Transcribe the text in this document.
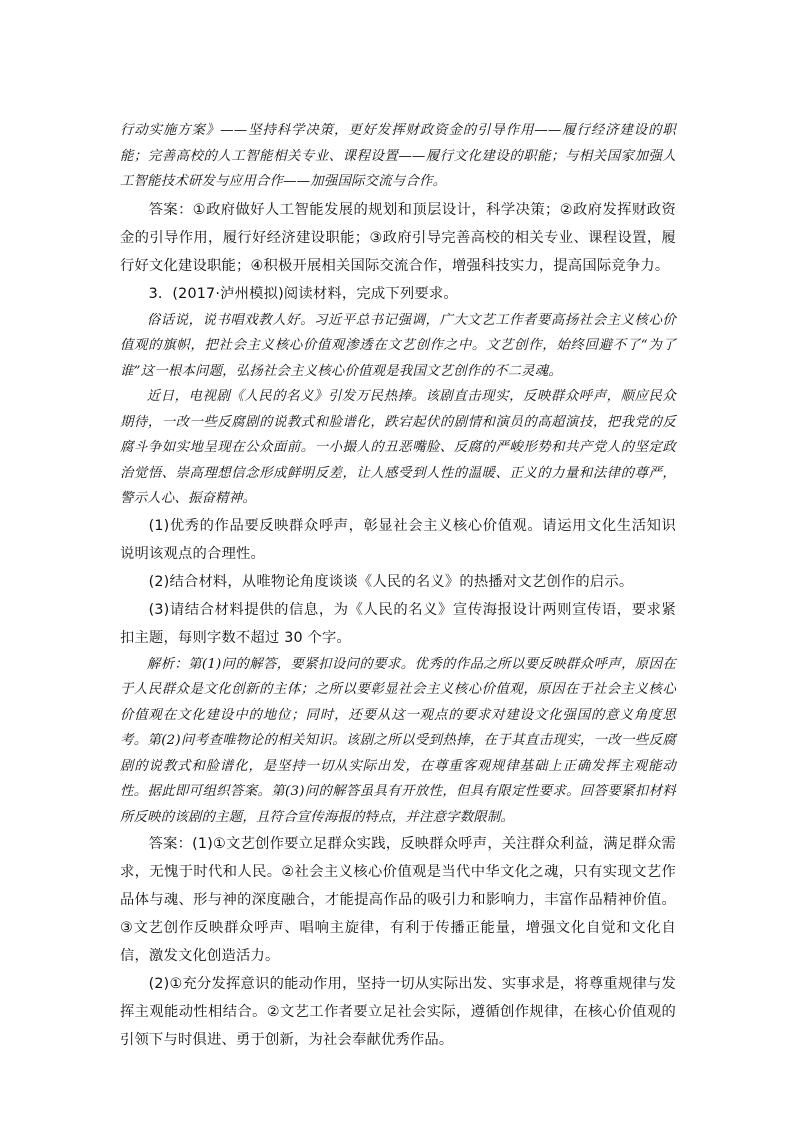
行动实施方案》——坚持科学决策，更好发挥财政资金的引导作用——履行经济建设的职能；完善高校的人工智能相关专业、课程设置——履行文化建设的职能；与相关国家加强人工智能技术研发与应用合作——加强国际交流与合作。

答案：①政府做好人工智能发展的规划和顶层设计，科学决策；②政府发挥财政资金的引导作用，履行好经济建设职能；③政府引导完善高校的相关专业、课程设置，履行好文化建设职能；④积极开展相关国际交流合作，增强科技实力，提高国际竞争力。

3．(2017·泸州模拟)阅读材料，完成下列要求。

俗话说，说书唱戏教人好。习近平总书记强调，广大文艺工作者要高扬社会主义核心价值观的旗帜，把社会主义核心价值观渗透在文艺创作之中。文艺创作，始终回避不了“为了谁”这一根本问题，弘扬社会主义核心价值观是我国文艺创作的不二灵魂。

近日，电视剧《人民的名义》引发万民热捧。该剧直击现实，反映群众呼声，顺应民众期待，一改一些反腐剧的说教式和脸谱化，跌宕起伏的剧情和演员的高超演技，把我党的反腐斗争如实地呈现在公众面前。一小撮人的丑恶嘴脸、反腐的严峻形势和共产党人的坚定政治觉悟、崇高理想信念形成鲜明反差，让人感受到人性的温暖、正义的力量和法律的尊严，警示人心、振奋精神。

(1)优秀的作品要反映群众呼声，彰显社会主义核心价值观。请运用文化生活知识说明该观点的合理性。

(2)结合材料，从唯物论角度谈谈《人民的名义》的热播对文艺创作的启示。

(3)请结合材料提供的信息，为《人民的名义》宣传海报设计两则宣传语，要求紧扣主题，每则字数不超过 30 个字。

解析：第(1)问的解答，要紧扣设问的要求。优秀的作品之所以要反映群众呼声，原因在于人民群众是文化创新的主体；之所以要彰显社会主义核心价值观，原因在于社会主义核心价值观在文化建设中的地位；同时，还要从这一观点的要求对建设文化强国的意义角度思考。第(2)问考查唯物论的相关知识。该剧之所以受到热捧，在于其直击现实，一改一些反腐剧的说教式和脸谱化，是坚持一切从实际出发，在尊重客观规律基础上正确发挥主观能动性。据此即可组织答案。第(3)问的解答虽具有开放性，但具有限定性要求。回答要紧扣材料所反映的该剧的主题，且符合宣传海报的特点，并注意字数限制。

答案：(1)①文艺创作要立足群众实践，反映群众呼声，关注群众利益，满足群众需求，无愧于时代和人民。②社会主义核心价值观是当代中华文化之魂，只有实现文艺作品体与魂、形与神的深度融合，才能提高作品的吸引力和影响力，丰富作品精神价值。③文艺创作反映群众呼声、唱响主旋律，有利于传播正能量，增强文化自觉和文化自信，激发文化创造活力。

(2)①充分发挥意识的能动作用，坚持一切从实际出发、实事求是，将尊重规律与发挥主观能动性相结合。②文艺工作者要立足社会实际，遵循创作规律，在核心价值观的引领下与时俱进、勇于创新，为社会奉献优秀作品。
